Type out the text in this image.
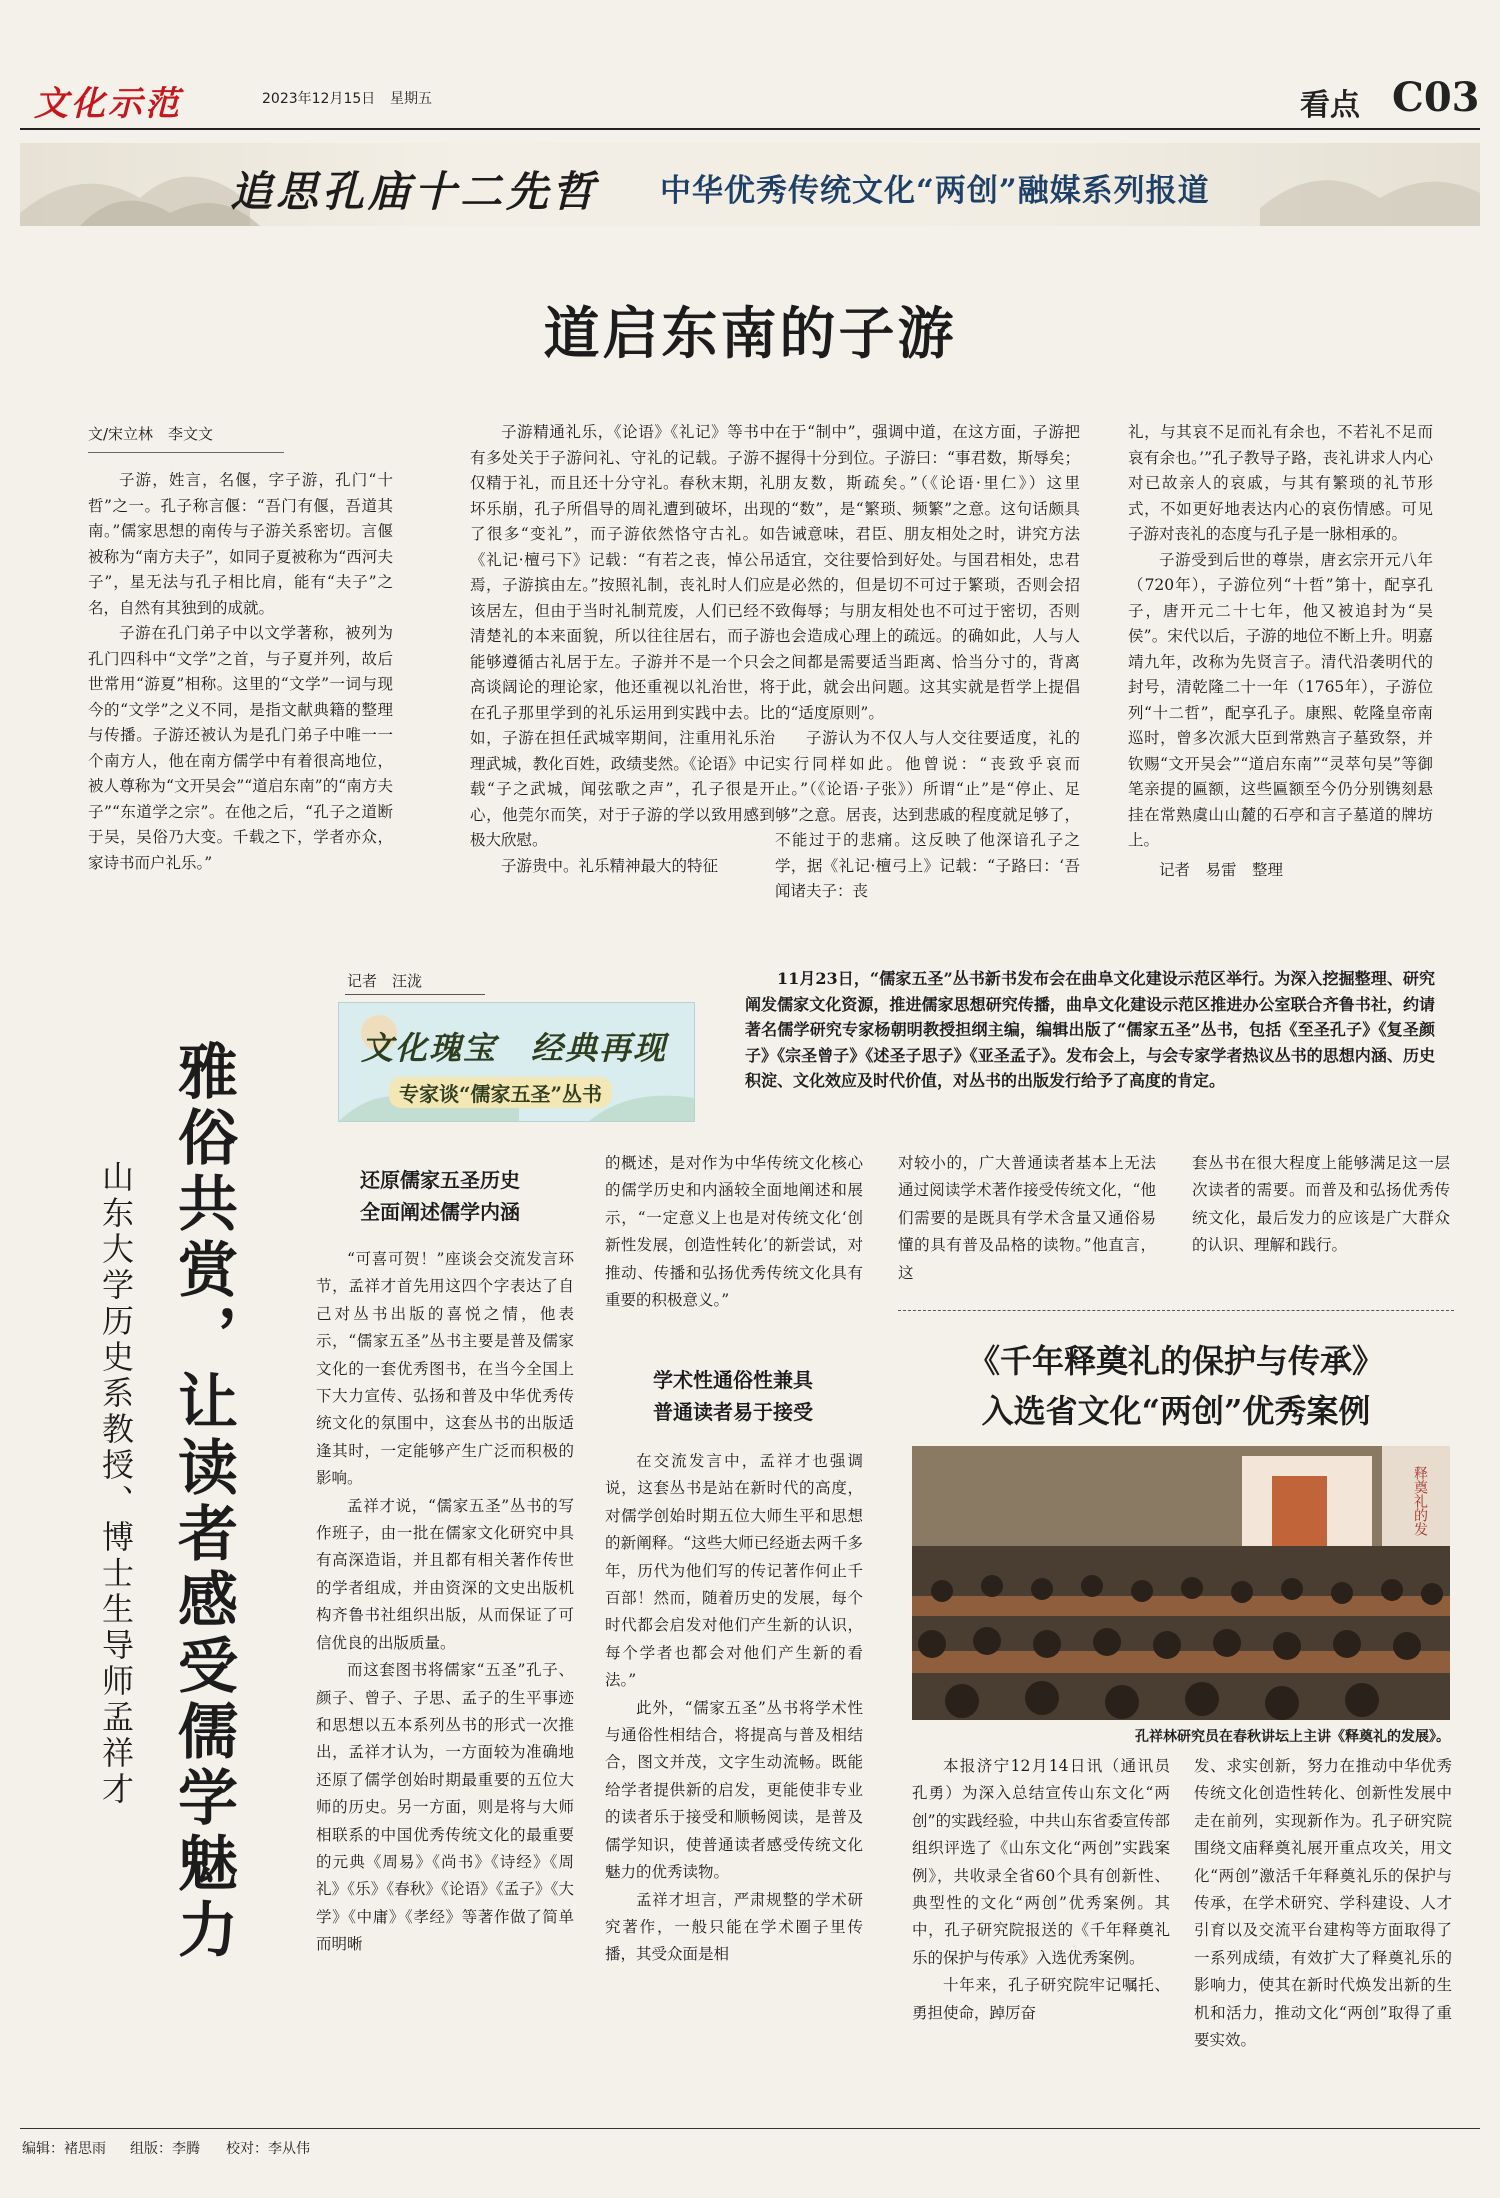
文化示范	2023年12月15日 星期五	看点 C03
追思孔庙十二先哲 中华优秀传统文化“两创”融媒系列报道
道启东南的子游
文/宋立林　李文文

子游，姓言，名偃，字子游，孔门“十哲”之一。孔子称言偃：“吾门有偃，吾道其南。”儒家思想的南传与子游关系密切。言偃被称为“南方夫子”，如同子夏被称为“西河夫子”，星无法与孔子相比肩，能有“夫子”之名，自然有其独到的成就。

子游在孔门弟子中以文学著称，被列为孔门四科中“文学”之首，与子夏并列，故后世常用“游夏”相称。这里的“文学”一词与现今的“文学”之义不同，是指文献典籍的整理与传播。子游还被认为是孔门弟子中唯一一个南方人，他在南方儒学中有着很高地位，被人尊称为“文开吴会”“道启东南”的“南方夫子”“东道学之宗”。在他之后，“孔子之道断于吴，吴俗乃大变。千载之下，学者亦众，家诗书而户礼乐。”

子游精通礼乐，《论语》《礼记》等书中有多处关于子游问礼、守礼的记载。子游不仅精于礼，而且还十分守礼。春秋末期，礼坏乐崩，孔子所倡导的周礼遭到破坏，出现了很多“变礼”，而子游依然恪守古礼。如《礼记·檀弓下》记载：“有若之丧，悼公吊焉，子游摈由左。”按照礼制，丧礼时人们应该居左，但由于当时礼制荒废，人们已经不清楚礼的本来面貌，所以往往居右，而子游能够遵循古礼居于左。子游并不是一个只会高谈阔论的理论家，他还重视以礼治世，将在孔子那里学到的礼乐运用到实践中去。比如，子游在担任武城宰期间，注重用礼乐治理武城，教化百姓，政绩斐然。《论语》中记载“子之武城，闻弦歌之声”，孔子很是开心，他莞尔而笑，对于子游的学以致用感到极大欣慰。

子游贵中。礼乐精神最大的特征

在于“制中”，强调中道，在这方面，子游把握得十分到位。子游曰：“事君数，斯辱矣；朋友数，斯疏矣。”（《论语·里仁》）这里的“数”，是“繁琐、频繁”之意。这句话颇具告诫意味，君臣、朋友相处之时，讲究方法适宜，交往要恰到好处。与国君相处，忠君是必然的，但是切不可过于繁琐，否则会招致侮辱；与朋友相处也不可过于密切，否则也会造成心理上的疏远。的确如此，人与人之间都是需要适当距离、恰当分寸的，背离于此，就会出问题。这其实就是哲学上提倡的“适度原则”。

子游认为不仅人与人交往要适度，礼的实行同样如此。他曾说：“丧致乎哀而止。”（《论语·子张》）所谓“止”是“停止、足够”之意。居丧，达到悲戚的程度就足够了，不能过于的悲痛。这反映了他深谙孔子之学，据《礼记·檀弓上》记载：“子路曰：‘吾闻诸夫子：丧

礼，与其哀不足而礼有余也，不若礼不足而哀有余也。’”孔子教导子路，丧礼讲求人内心对已故亲人的哀戚，与其有繁琐的礼节形式，不如更好地表达内心的哀伤情感。可见子游对丧礼的态度与孔子是一脉相承的。

子游受到后世的尊崇，唐玄宗开元八年（720年），子游位列“十哲”第十，配享孔子，唐开元二十七年，他又被追封为“吴侯”。宋代以后，子游的地位不断上升。明嘉靖九年，改称为先贤言子。清代沿袭明代的封号，清乾隆二十一年（1765年），子游位列“十二哲”，配享孔子。康熙、乾隆皇帝南巡时，曾多次派大臣到常熟言子墓致祭，并钦赐“文开吴会”“道启东南”“灵萃句吴”等御笔亲提的匾额，这些匾额至今仍分别镌刻悬挂在常熟虞山山麓的石亭和言子墓道的牌坊上。

记者　易雷　整理

记者　汪泷
文化瑰宝　经典再现
专家谈“儒家五圣”丛书

11月23日，“儒家五圣”丛书新书发布会在曲阜文化建设示范区举行。为深入挖掘整理、研究阐发儒家文化资源，推进儒家思想研究传播，曲阜文化建设示范区推进办公室联合齐鲁书社，约请著名儒学研究专家杨朝明教授担纲主编，编辑出版了“儒家五圣”丛书，包括《至圣孔子》《复圣颜子》《宗圣曾子》《述圣子思子》《亚圣孟子》。发布会上，与会专家学者热议丛书的思想内涵、历史积淀、文化效应及时代价值，对丛书的出版发行给予了高度的肯定。

雅俗共赏，让读者感受儒学魅力
山东大学历史系教授、博士生导师孟祥才	还原儒家五圣历史
全面阐述儒学内涵

“可喜可贺！”座谈会交流发言环节，孟祥才首先用这四个字表达了自己对丛书出版的喜悦之情，他表示，“儒家五圣”丛书主要是普及儒家文化的一套优秀图书，在当今全国上下大力宣传、弘扬和普及中华优秀传统文化的氛围中，这套丛书的出版适逢其时，一定能够产生广泛而积极的影响。

孟祥才说，“儒家五圣”丛书的写作班子，由一批在儒家文化研究中具有高深造诣，并且都有相关著作传世的学者组成，并由资深的文史出版机构齐鲁书社组织出版，从而保证了可信优良的出版质量。

而这套图书将儒家“五圣”孔子、颜子、曾子、子思、孟子的生平事迹和思想以五本系列丛书的形式一次推出，孟祥才认为，一方面较为准确地还原了儒学创始时期最重要的五位大师的历史。另一方面，则是将与大师相联系的中国优秀传统文化的最重要的元典《周易》《尚书》《诗经》《周礼》《乐》《春秋》《论语》《孟子》《大学》《中庸》《孝经》等著作做了简单而明晰

的概述，是对作为中华传统文化核心的儒学历史和内涵较全面地阐述和展示，“一定意义上也是对传统文化‘创新性发展，创造性转化’的新尝试，对推动、传播和弘扬优秀传统文化具有重要的积极意义。”

学术性通俗性兼具
普通读者易于接受

在交流发言中，孟祥才也强调说，这套丛书是站在新时代的高度，对儒学创始时期五位大师生平和思想的新阐释。“这些大师已经逝去两千多年，历代为他们写的传记著作何止千百部！然而，随着历史的发展，每个时代都会启发对他们产生新的认识，每个学者也都会对他们产生新的看法。”

此外，“儒家五圣”丛书将学术性与通俗性相结合，将提高与普及相结合，图文并茂，文字生动流畅。既能给学者提供新的启发，更能使非专业的读者乐于接受和顺畅阅读，是普及儒学知识，使普通读者感受传统文化魅力的优秀读物。

孟祥才坦言，严肃规整的学术研究著作，一般只能在学术圈子里传播，其受众面是相

对较小的，广大普通读者基本上无法通过阅读学术著作接受传统文化，“他们需要的是既具有学术含量又通俗易懂的具有普及品格的读物。”他直言，这

套丛书在很大程度上能够满足这一层次读者的需要。而普及和弘扬优秀传统文化，最后发力的应该是广大群众的认识、理解和践行。

《千年释奠礼的保护与传承》
入选省文化“两创”优秀案例
释奠礼的发
孔祥林研究员在春秋讲坛上主讲《释奠礼的发展》。

本报济宁12月14日讯（通讯员　孔勇）为深入总结宣传山东文化“两创”的实践经验，中共山东省委宣传部组织评选了《山东文化“两创”实践案例》，共收录全省60个具有创新性、典型性的文化“两创”优秀案例。其中，孔子研究院报送的《千年释奠礼乐的保护与传承》入选优秀案例。

十年来，孔子研究院牢记嘱托、勇担使命，踔厉奋

发、求实创新，努力在推动中华优秀传统文化创造性转化、创新性发展中走在前列，实现新作为。孔子研究院围绕文庙释奠礼展开重点攻关，用文化“两创”激活千年释奠礼乐的保护与传承，在学术研究、学科建设、人才引育以及交流平台建构等方面取得了一系列成绩，有效扩大了释奠礼乐的影响力，使其在新时代焕发出新的生机和活力，推动文化“两创”取得了重要实效。

编辑：褚思雨 组版：李腾 校对：李从伟
